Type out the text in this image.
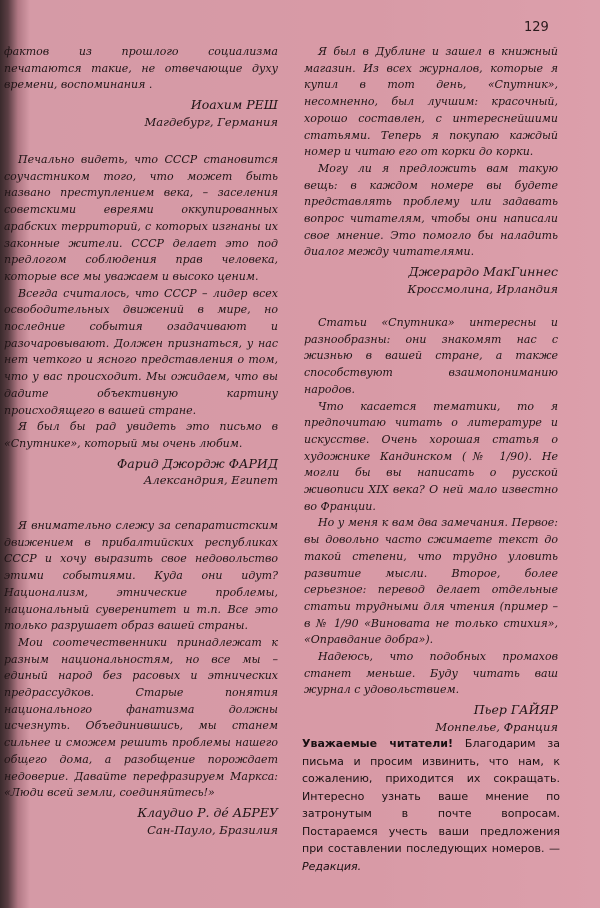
129

фактов из прошлого социализма печатаются такие, не отвечающие духу времени, воспоминания .

Иоахим РЕШ
Магдебург, Германия

Печально видеть, что СССР становится соучастником того, что может быть названо преступлением века, – заселения советскими евреями оккупированных арабских территорий, с которых изгнаны их законные жители. СССР делает это под предлогом соблюдения прав человека, которые все мы уважаем и высоко ценим.

Всегда считалось, что СССР – лидер всех освободительных движений в мире, но последние события озадачивают и разочаровывают. Должен признаться, у нас нет четкого и ясного представления о том, что у вас происходит. Мы ожидаем, что вы дадите объективную картину происходящего в вашей стране.

Я был бы рад увидеть это письмо в «Спутнике», который мы очень любим.

Фарид Джордж ФАРИД
Александрия, Египет

Я внимательно слежу за сепаратистским движением в прибалтийских республиках СССР и хочу выразить свое недовольство этими событиями. Куда они идут? Национализм, этнические проблемы, национальный суверенитет и т.п. Все это только разрушает образ вашей страны.

Мои соотечественники принадлежат к разным национальностям, но все мы – единый народ без расовых и этнических предрассудков. Старые понятия национального фанатизма должны исчезнуть. Объединившись, мы станем сильнее и сможем решить проблемы нашего общего дома, а разобщение порождает недоверие. Давайте перефразируем Маркса: «Люди всей земли, соединяйтесь!»

Клаудио Р. дé АБРЕУ
Сан-Пауло, Бразилия

Я был в Дублине и зашел в книжный магазин. Из всех журналов, которые я купил в тот день, «Спутник», несомненно, был лучшим: красочный, хорошо составлен, с интереснейшими статьями. Теперь я покупаю каждый номер и читаю его от корки до корки.

Могу ли я предложить вам такую вещь: в каждом номере вы будете представлять проблему или задавать вопрос читателям, чтобы они написали свое мнение. Это помогло бы наладить диалог между читателями.

Джерардо МакГиннес
Кроссмолина, Ирландия

Статьи «Спутника» интересны и разнообразны: они знакомят нас с жизнью в вашей стране, а также способствуют взаимопониманию народов.

Что касается тематики, то я предпочитаю читать о литературе и искусстве. Очень хорошая статья о художнике Кандинском (№ 1/90). Не могли бы вы написать о русской живописи XIX века? О ней мало известно во Франции.

Но у меня к вам два замечания. Первое: вы довольно часто сжимаете текст до такой степени, что трудно уловить развитие мысли. Второе, более серьезное: перевод делает отдельные статьи трудными для чтения (пример – в № 1/90 «Виновата не только стихия», «Оправдание добра»).

Надеюсь, что подобных промахов станет меньше. Буду читать ваш журнал с удовольствием.

Пьер ГАЙЯР
Монпелье, Франция
Уважаемые читатели! Благодарим за письма и просим извинить, что нам, к сожалению, приходится их сокращать. Интересно узнать ваше мнение по затронутым в почте вопросам. Постараемся учесть ваши предложения при составлении последующих номеров. — Редакция.
